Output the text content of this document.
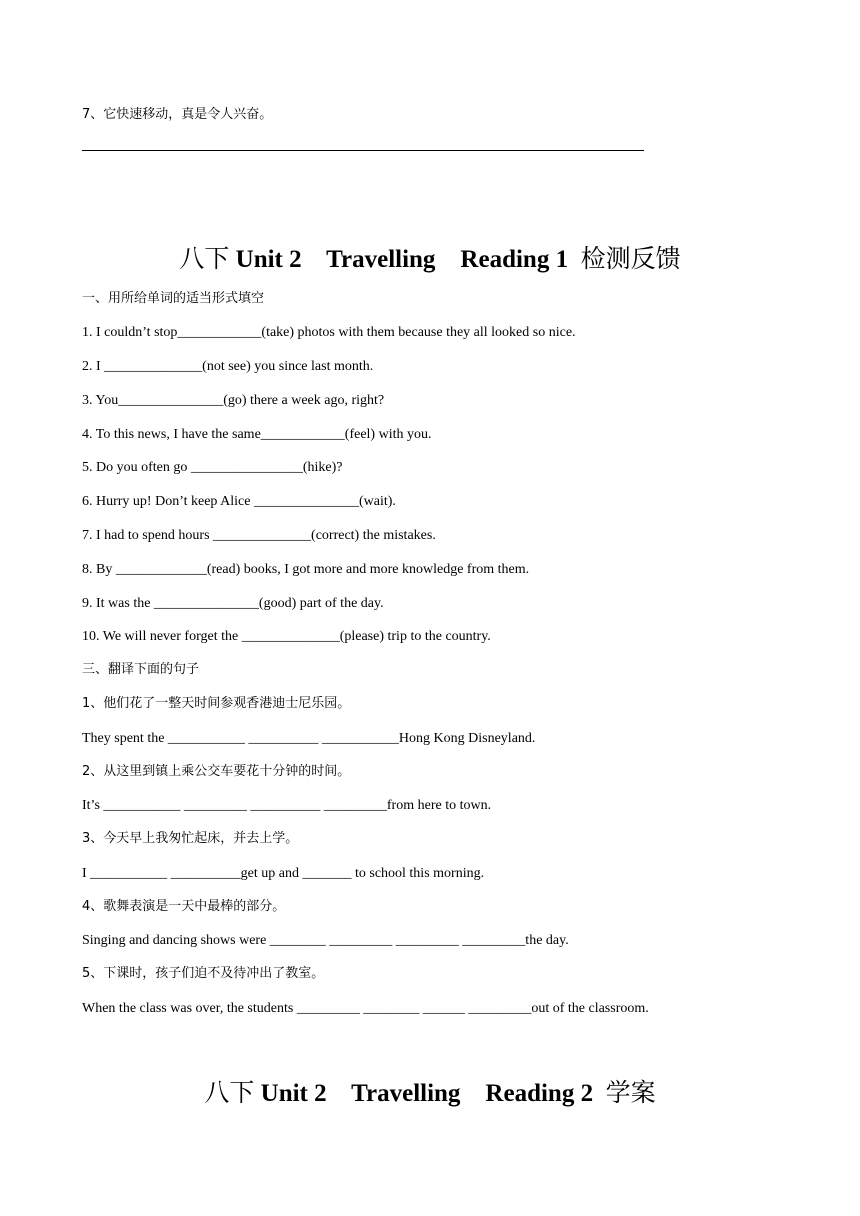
7、它快速移动，真是令人兴奋。
八下 Unit 2    Travelling    Reading 1  检测反馈
一、用所给单词的适当形式填空
1. I couldn’t stop____________(take) photos with them because they all looked so nice.
2. I ______________(not see) you since last month.
3. You_______________(go) there a week ago, right?
4. To this news, I have the same____________(feel) with you.
5. Do you often go ________________(hike)?
6. Hurry up! Don’t keep Alice _______________(wait).
7. I had to spend hours ______________(correct) the mistakes.
8. By _____________(read) books, I got more and more knowledge from them.
9. It was the _______________(good) part of the day.
10. We will never forget the ______________(please) trip to the country.
三、翻译下面的句子
1、他们花了一整天时间参观香港迪士尼乐园。
They spent the ___________ __________ ___________Hong Kong Disneyland.
2、从这里到镇上乘公交车要花十分钟的时间。
It’s ___________ _________ __________ _________from here to town.
3、今天早上我匆忙起床，并去上学。
I ___________ __________get up and _______ to school this morning.
4、歌舞表演是一天中最棒的部分。
Singing and dancing shows were ________ _________ _________ _________the day.
5、下课时，孩子们迫不及待冲出了教室。
When the class was over, the students _________ ________ ______ _________out of the classroom.
八下 Unit 2    Travelling    Reading 2  学案
